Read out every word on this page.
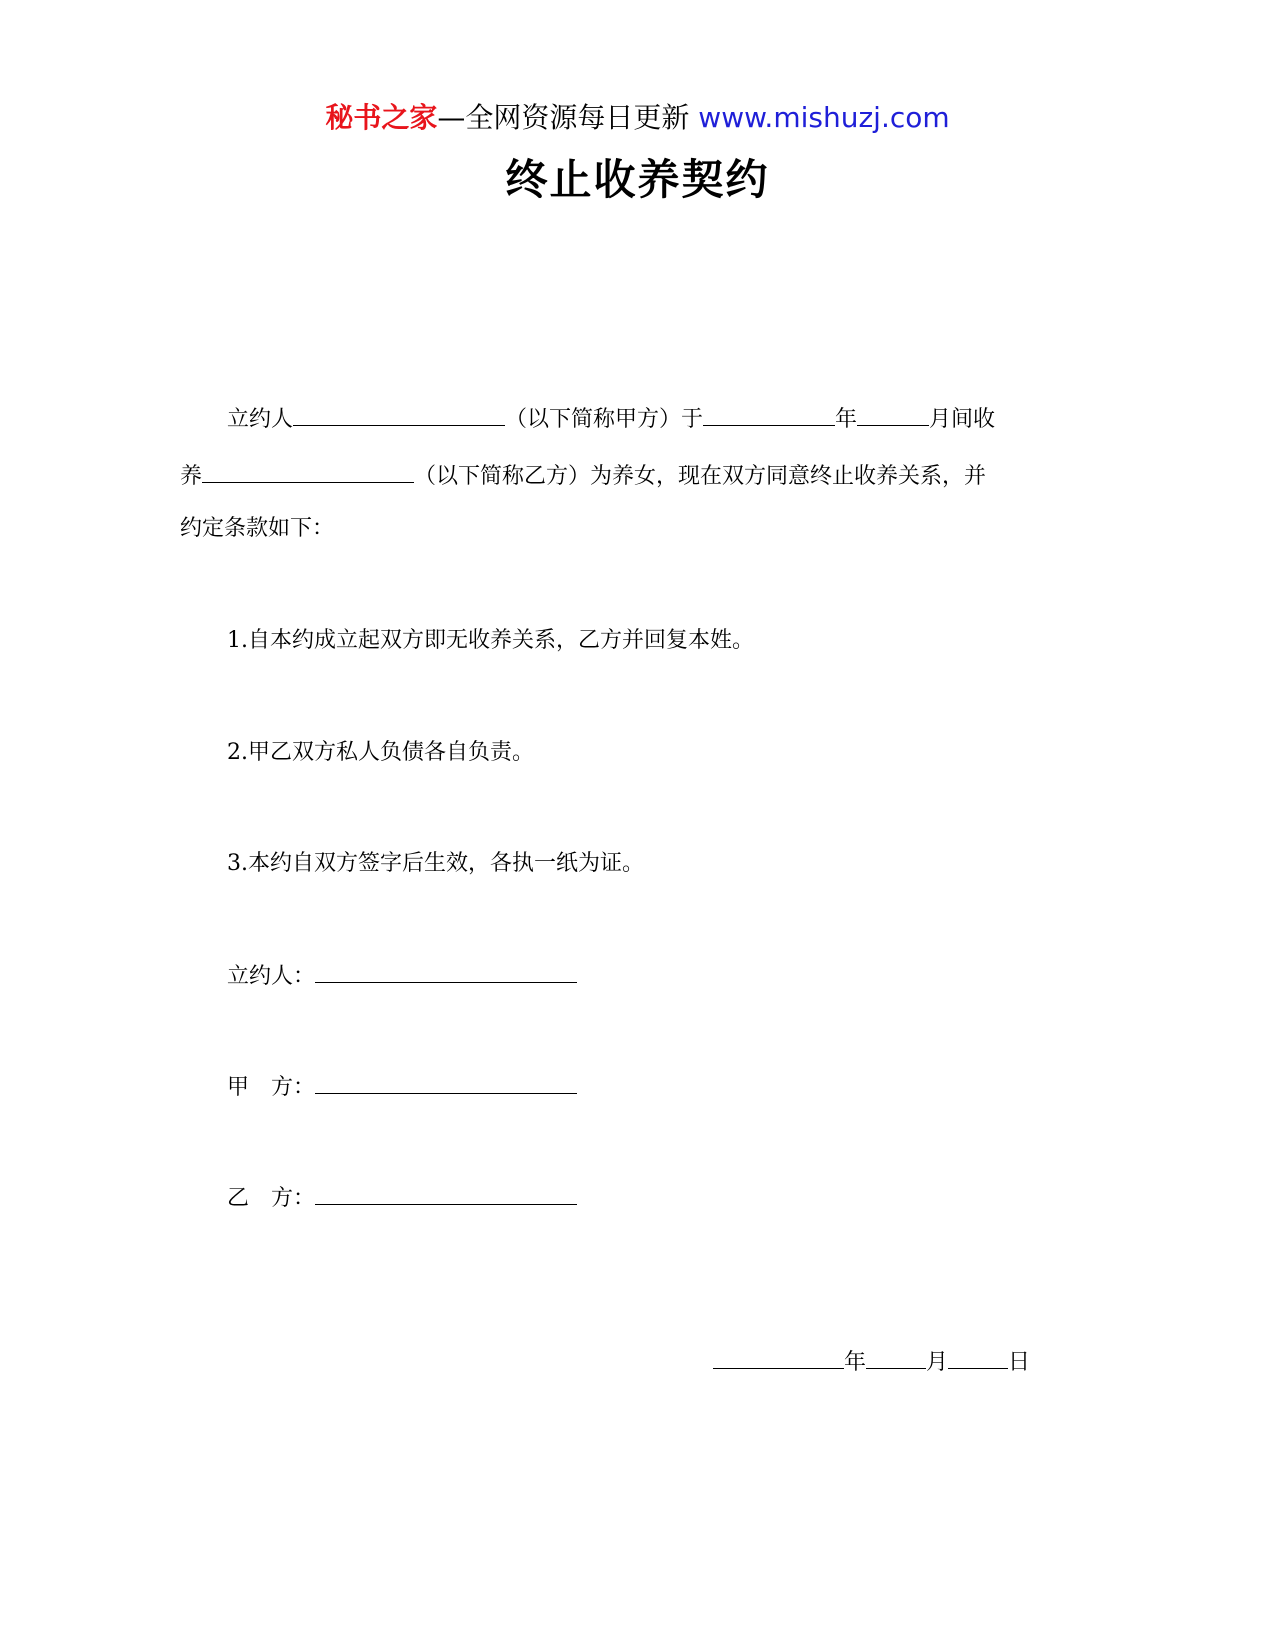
秘书之家—全网资源每日更新 www.mishuzj.com
终止收养契约
立约人	（以下简称甲方）于	年	月间收
养	（以下简称乙方）为养女，现在双方同意终止收养关系，并
约定条款如下：
1.自本约成立起双方即无收养关系，乙方并回复本姓。
2.甲乙双方私人负债各自负责。
3.本约自双方签字后生效，各执一纸为证。
立约人：
甲　方：
乙　方：
年	月	日
